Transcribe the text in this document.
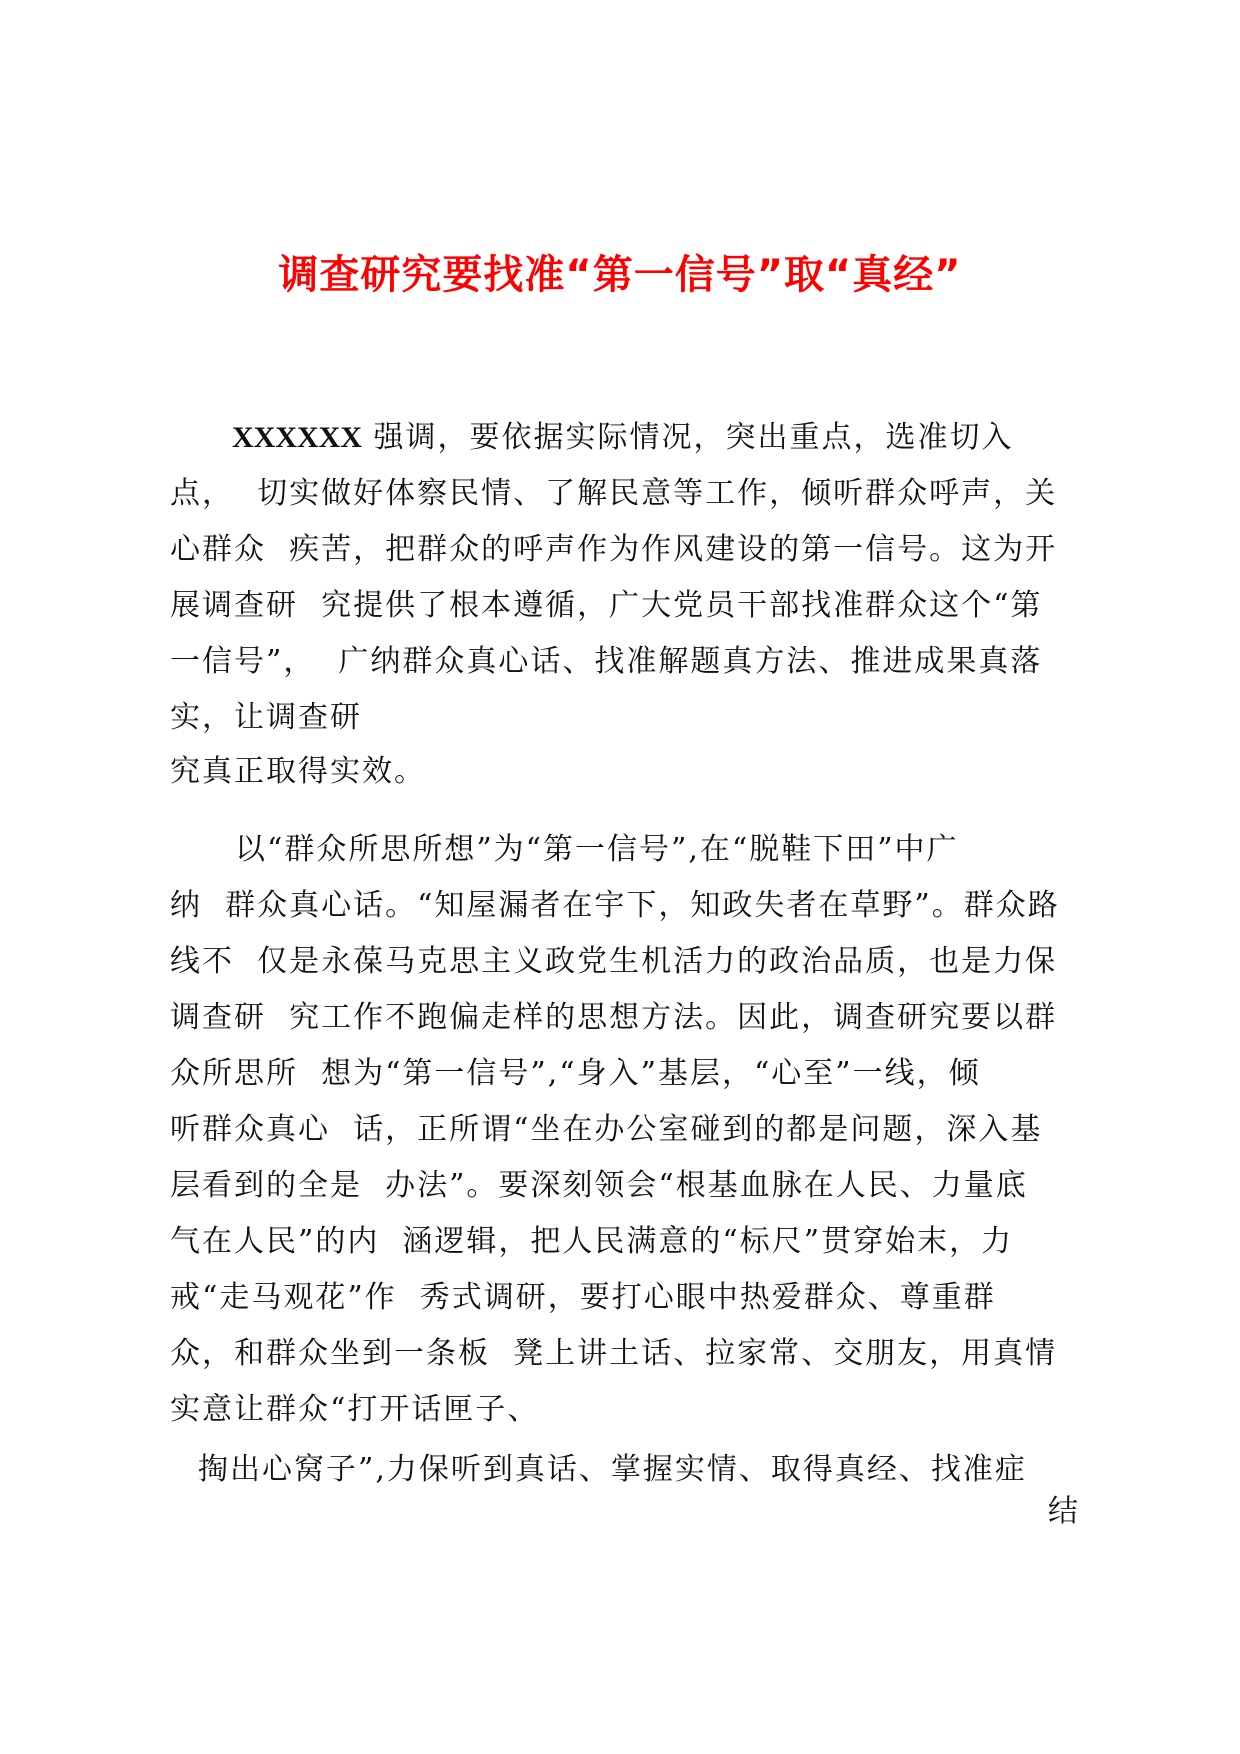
调查研究要找准“第一信号”取“真经”
XXXXXX 强调，要依据实际情况，突出重点，选准切入
点，  切实做好体察民情、了解民意等工作，倾听群众呼声，关
心群众  疾苦，把群众的呼声作为作风建设的第一信号。这为开
展调查研  究提供了根本遵循，广大党员干部找准群众这个“第
一信号”，  广纳群众真心话、找准解题真方法、推进成果真落
实，让调查研
究真正取得实效。
以“群众所思所想”为“第一信号”,在“脱鞋下田”中广
纳  群众真心话。“知屋漏者在宇下，知政失者在草野”。群众路
线不  仅是永葆马克思主义政党生机活力的政治品质，也是力保
调查研  究工作不跑偏走样的思想方法。因此，调查研究要以群
众所思所  想为“第一信号”,“身入”基层，“心至”一线，倾
听群众真心  话，正所谓“坐在办公室碰到的都是问题，深入基
层看到的全是  办法”。要深刻领会“根基血脉在人民、力量底
气在人民”的内  涵逻辑，把人民满意的“标尺”贯穿始末，力
戒“走马观花”作  秀式调研，要打心眼中热爱群众、尊重群
众，和群众坐到一条板  凳上讲土话、拉家常、交朋友，用真情
实意让群众“打开话匣子、
掏出心窝子”,力保听到真话、掌握实情、取得真经、找准症
结
